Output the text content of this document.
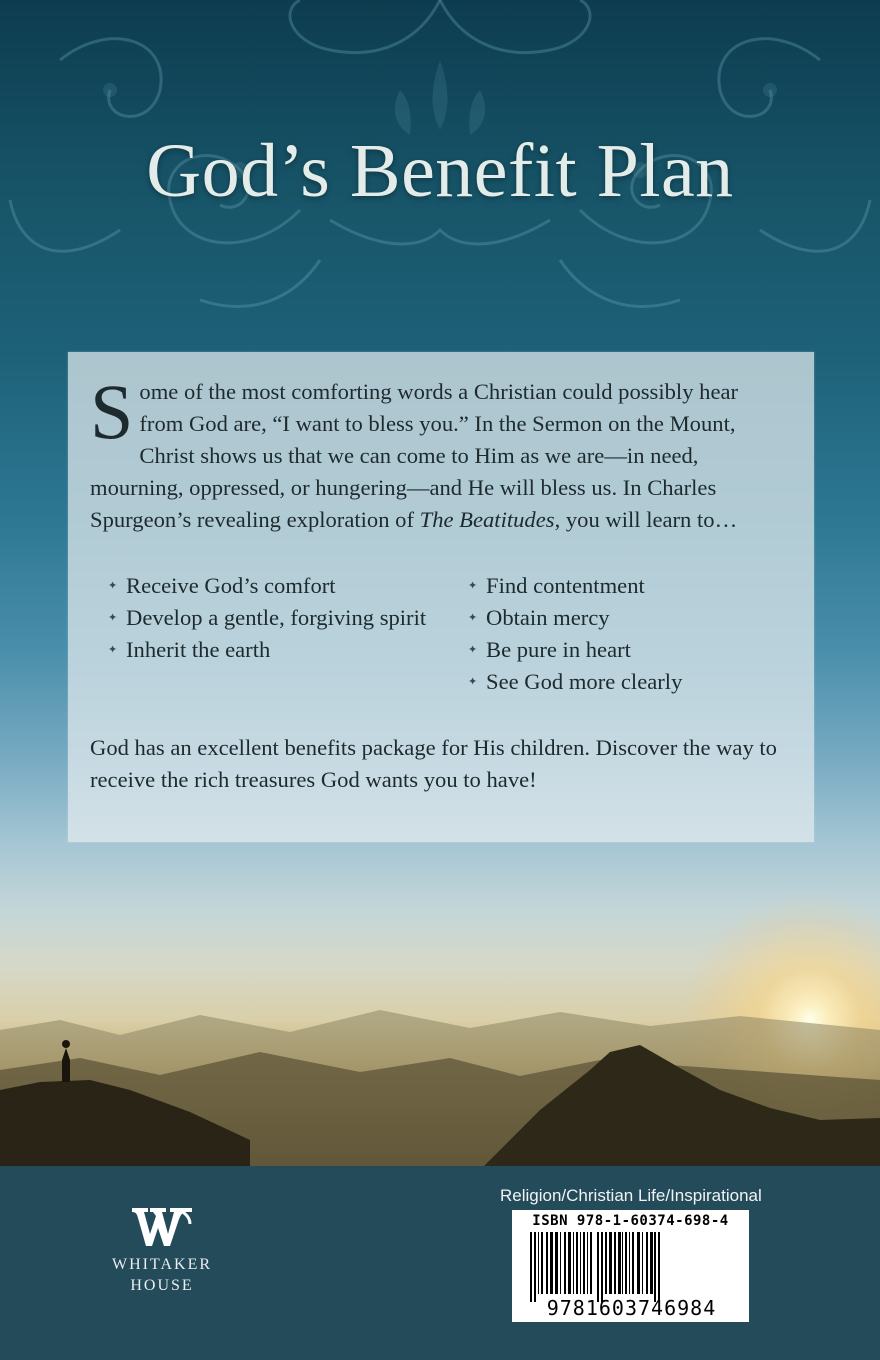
God’s Benefit Plan

Some of the most comforting words a Christian could possibly hear from God are, “I want to bless you.” In the Sermon on the Mount, Christ shows us that we can come to Him as we are—in need, mourning, oppressed, or hungering—and He will bless us. In Charles Spurgeon’s revealing exploration of The Beatitudes, you will learn to…

✦ Receive God’s comfort
✦ Develop a gentle, forgiving spirit
✦ Inherit the earth
✦ Find contentment
✦ Obtain mercy
✦ Be pure in heart
✦ See God more clearly

God has an excellent benefits package for His children. Discover the way to receive the rich treasures God wants you to have!

WHITAKER
HOUSE
Religion/Christian Life/Inspirational
ISBN 978-1-60374-698-4
9781603746984
